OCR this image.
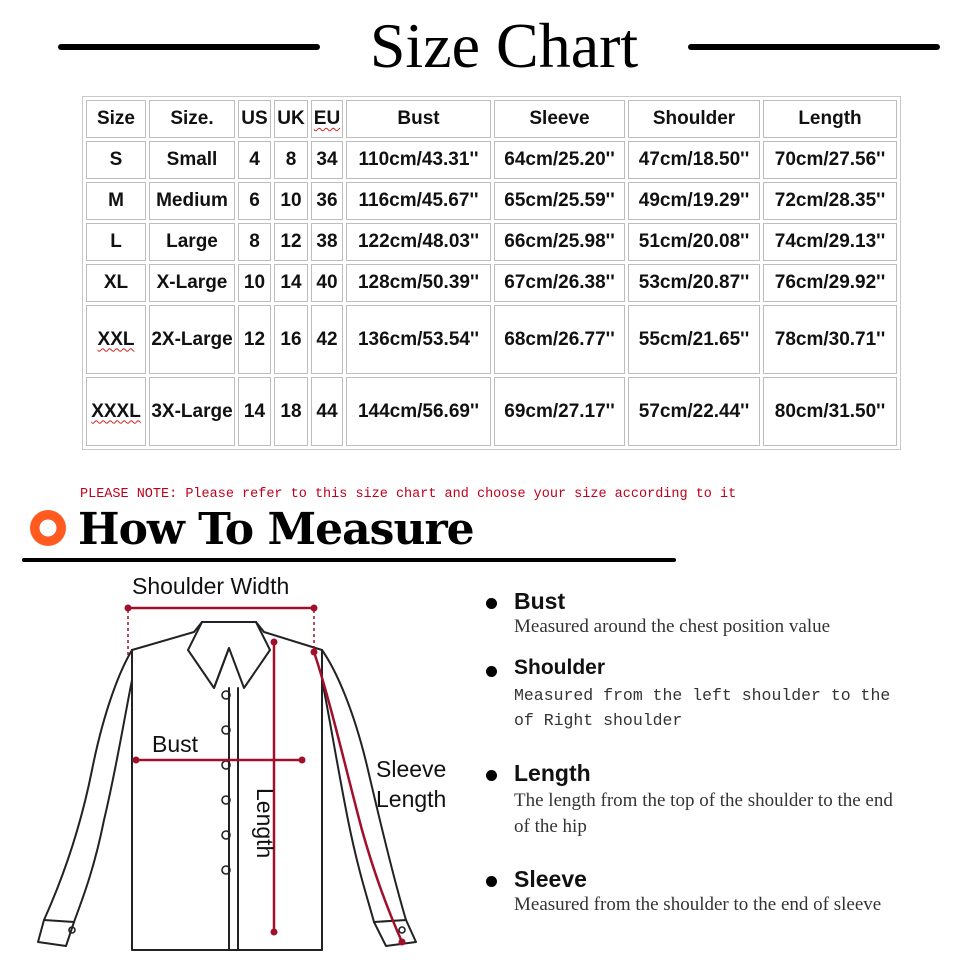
Size Chart
Size	Size.	US	UK	EU	Bust	Sleeve	Shoulder	Length
S	Small	4	8	34	110cm/43.31''	64cm/25.20''	47cm/18.50''	70cm/27.56''
M	Medium	6	10	36	116cm/45.67''	65cm/25.59''	49cm/19.29''	72cm/28.35''
L	Large	8	12	38	122cm/48.03''	66cm/25.98''	51cm/20.08''	74cm/29.13''
XL	X-Large	10	14	40	128cm/50.39''	67cm/26.38''	53cm/20.87''	76cm/29.92''
XXL	2X-Large	12	16	42	136cm/53.54''	68cm/26.77''	55cm/21.65''	78cm/30.71''
XXXL	3X-Large	14	18	44	144cm/56.69''	69cm/27.17''	57cm/22.44''	80cm/31.50''
PLEASE NOTE: Please refer to this size chart and choose your size according to it
How To Measure
Shoulder Width
Bust
Sleeve
Length
Length
Bust
Measured around the chest position value
Shoulder
Measured from the left shoulder to the of Right shoulder
Length
The length from the top of the shoulder to the end of the hip
Sleeve
Measured from the shoulder to the end of sleeve
